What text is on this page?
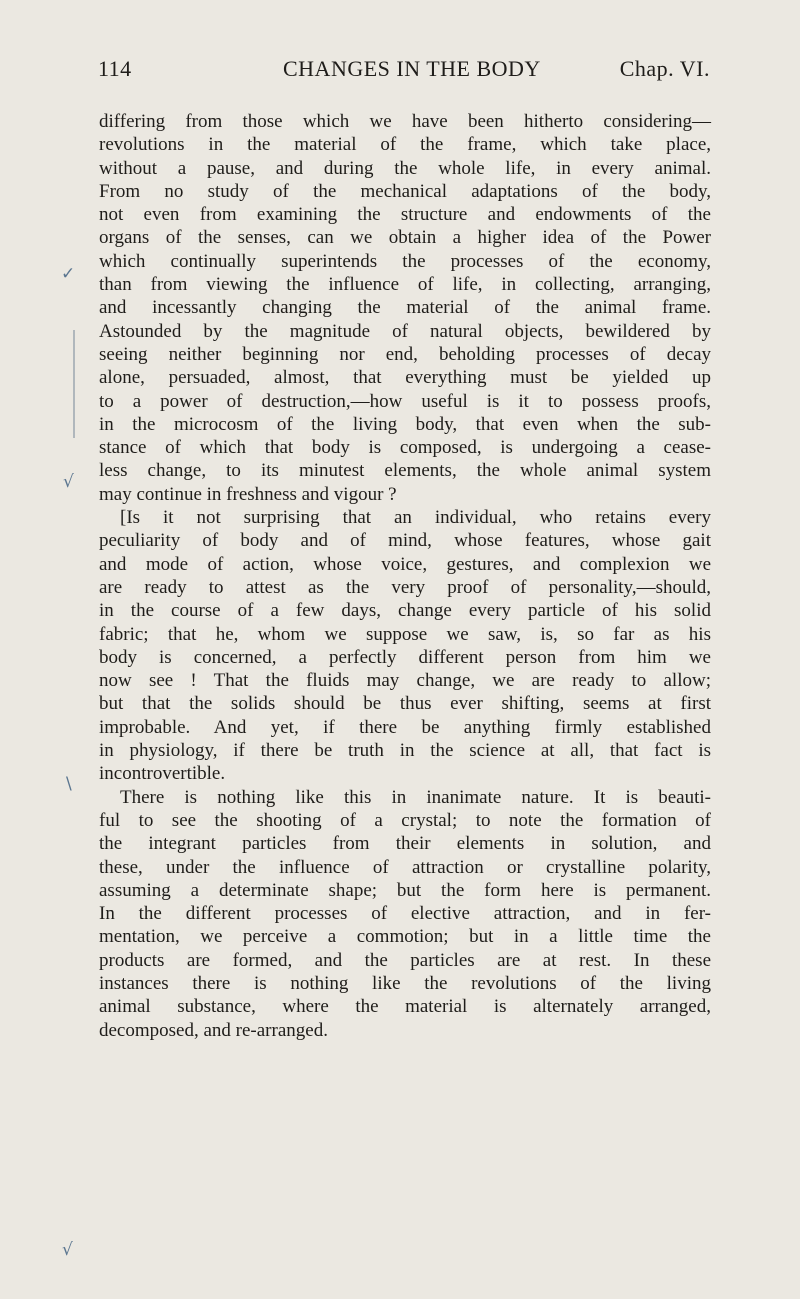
114	CHANGES IN THE BODY	Chap. VI.
✓
√
\
√
differing from those which we have been hitherto considering—
revolutions in the material of the frame, which take place,
without a pause, and during the whole life, in every animal.
From no study of the mechanical adaptations of the body,
not even from examining the structure and endowments of the
organs of the senses, can we obtain a higher idea of the Power
which continually superintends the processes of the economy,
than from viewing the influence of life, in collecting, arranging,
and incessantly changing the material of the animal frame.
Astounded by the magnitude of natural objects, bewildered by
seeing neither beginning nor end, beholding processes of decay
alone, persuaded, almost, that everything must be yielded up
to a power of destruction,—how useful is it to possess proofs,
in the microcosm of the living body, that even when the sub-
stance of which that body is composed, is undergoing a cease-
less change, to its minutest elements, the whole animal system
may continue in freshness and vigour ?
[Is it not surprising that an individual, who retains every
peculiarity of body and of mind, whose features, whose gait
and mode of action, whose voice, gestures, and complexion we
are ready to attest as the very proof of personality,—should,
in the course of a few days, change every particle of his solid
fabric; that he, whom we suppose we saw, is, so far as his
body is concerned, a perfectly different person from him we
now see ! That the fluids may change, we are ready to allow;
but that the solids should be thus ever shifting, seems at first
improbable. And yet, if there be anything firmly established
in physiology, if there be truth in the science at all, that fact is
incontrovertible.
There is nothing like this in inanimate nature. It is beauti-
ful to see the shooting of a crystal; to note the formation of
the integrant particles from their elements in solution, and
these, under the influence of attraction or crystalline polarity,
assuming a determinate shape; but the form here is permanent.
In the different processes of elective attraction, and in fer-
mentation, we perceive a commotion; but in a little time the
products are formed, and the particles are at rest. In these
instances there is nothing like the revolutions of the living
animal substance, where the material is alternately arranged,
decomposed, and re-arranged.
